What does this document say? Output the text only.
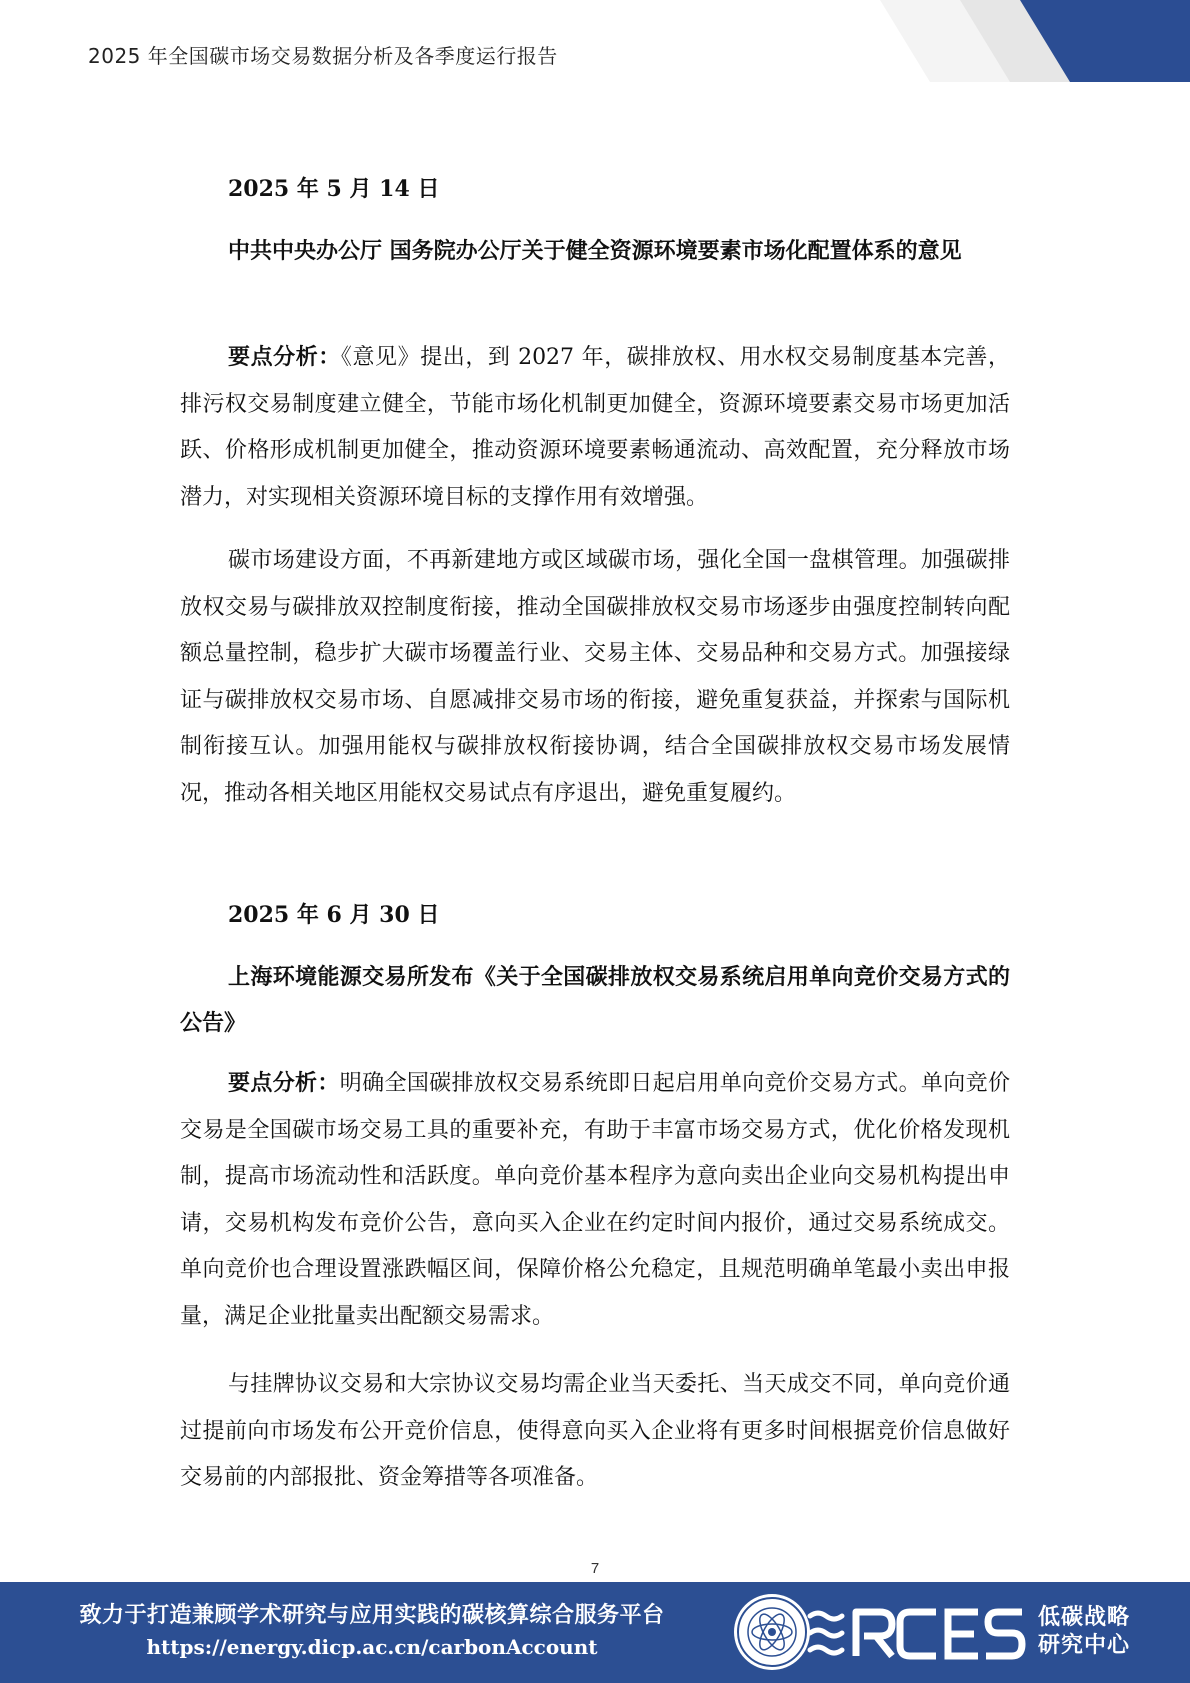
2025 年全国碳市场交易数据分析及各季度运行报告
2025 年 5 月 14 日
中共中央办公厅 国务院办公厅关于健全资源环境要素市场化配置体系的意见

要点分析：《意见》提出，到 2027 年，碳排放权、用水权交易制度基本完善，排污权交易制度建立健全，节能市场化机制更加健全，资源环境要素交易市场更加活跃、价格形成机制更加健全，推动资源环境要素畅通流动、高效配置，充分释放市场潜力，对实现相关资源环境目标的支撑作用有效增强。

碳市场建设方面，不再新建地方或区域碳市场，强化全国一盘棋管理。加强碳排放权交易与碳排放双控制度衔接，推动全国碳排放权交易市场逐步由强度控制转向配额总量控制，稳步扩大碳市场覆盖行业、交易主体、交易品种和交易方式。加强接绿证与碳排放权交易市场、自愿减排交易市场的衔接，避免重复获益，并探索与国际机制衔接互认。加强用能权与碳排放权衔接协调，结合全国碳排放权交易市场发展情况，推动各相关地区用能权交易试点有序退出，避免重复履约。

2025 年 6 月 30 日
上海环境能源交易所发布《关于全国碳排放权交易系统启用单向竞价交易方式的公告》

要点分析：明确全国碳排放权交易系统即日起启用单向竞价交易方式。单向竞价交易是全国碳市场交易工具的重要补充，有助于丰富市场交易方式，优化价格发现机制，提高市场流动性和活跃度。单向竞价基本程序为意向卖出企业向交易机构提出申请，交易机构发布竞价公告，意向买入企业在约定时间内报价，通过交易系统成交。单向竞价也合理设置涨跌幅区间，保障价格公允稳定，且规范明确单笔最小卖出申报量，满足企业批量卖出配额交易需求。

与挂牌协议交易和大宗协议交易均需企业当天委托、当天成交不同，单向竞价通过提前向市场发布公开竞价信息，使得意向买入企业将有更多时间根据竞价信息做好交易前的内部报批、资金筹措等各项准备。

7
致力于打造兼顾学术研究与应用实践的碳核算综合服务平台
https://energy.dicp.ac.cn/carbonAccount
低碳战略
研究中心
